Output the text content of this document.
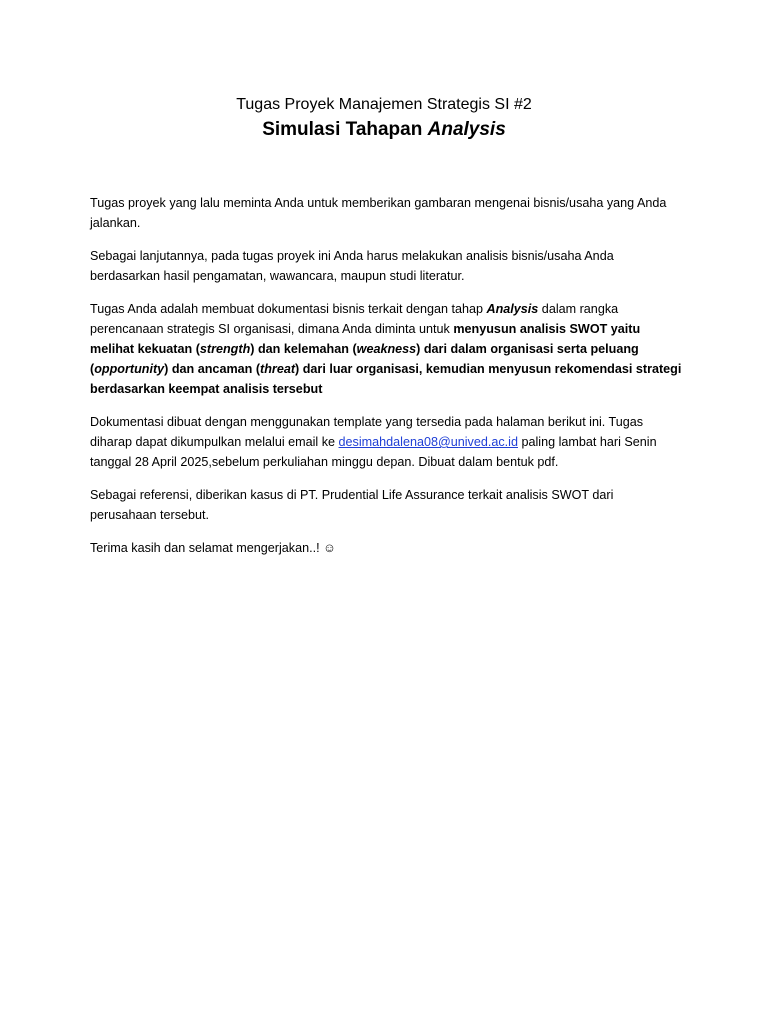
Tugas Proyek Manajemen Strategis SI #2
Simulasi Tahapan Analysis

Tugas proyek yang lalu meminta Anda untuk memberikan gambaran mengenai bisnis/usaha yang Anda jalankan.

Sebagai lanjutannya, pada tugas proyek ini Anda harus melakukan analisis bisnis/usaha Anda berdasarkan hasil pengamatan, wawancara, maupun studi literatur.

Tugas Anda adalah membuat dokumentasi bisnis terkait dengan tahap Analysis dalam rangka perencanaan strategis SI organisasi, dimana Anda diminta untuk menyusun analisis SWOT yaitu melihat kekuatan (strength) dan kelemahan (weakness) dari dalam organisasi serta peluang (opportunity) dan ancaman (threat) dari luar organisasi, kemudian menyusun rekomendasi strategi berdasarkan keempat analisis tersebut

Dokumentasi dibuat dengan menggunakan template yang tersedia pada halaman berikut ini. Tugas diharap dapat dikumpulkan melalui email ke desimahdalena08@unived.ac.id paling lambat hari Senin tanggal 28 April 2025,sebelum perkuliahan minggu depan. Dibuat dalam bentuk pdf.

Sebagai referensi, diberikan kasus di PT. Prudential Life Assurance terkait analisis SWOT dari perusahaan tersebut.

Terima kasih dan selamat mengerjakan..! ☺
